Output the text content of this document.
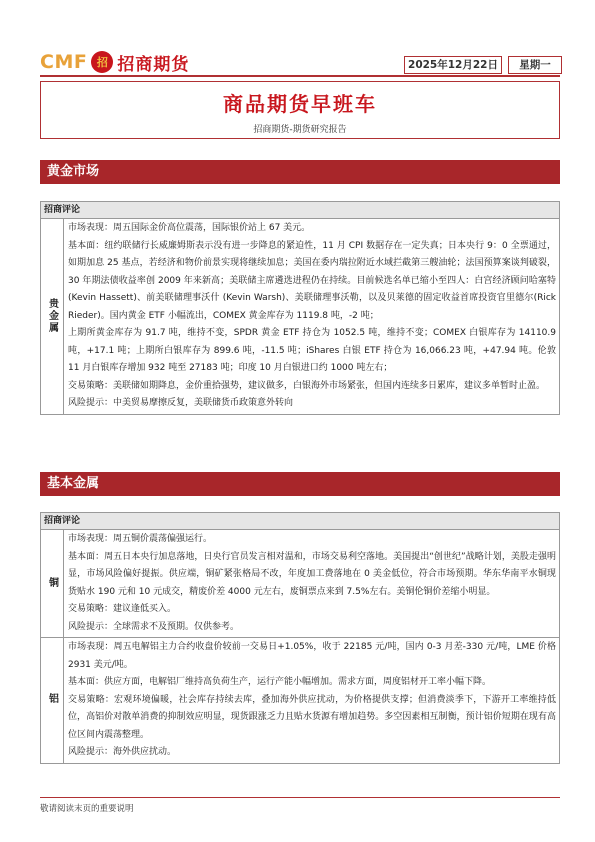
CMF 招 招商期货	2025年12月22日	星期一
商品期货早班车
招商期货-期货研究报告
黄金市场
招商评论
贵金属

市场表现：周五国际金价高位震荡，国际银价站上 67 美元。

基本面：纽约联储行长威廉姆斯表示没有进一步降息的紧迫性，11 月 CPI 数据存在一定失真；日本央行 9：0 全票通过，如期加息 25 基点，若经济和物价前景实现将继续加息；美国在委内瑞拉附近水域拦截第三艘油轮；法国预算案谈判破裂，30 年期法债收益率创 2009 年来新高；美联储主席遴选进程仍在持续。目前候选名单已缩小至四人：白宫经济顾问哈塞特 (Kevin Hassett)、前美联储理事沃什 (Kevin Warsh)、美联储理事沃勒，以及贝莱德的固定收益首席投资官里德尔(Rick Rieder)。国内黄金 ETF 小幅流出，COMEX 黄金库存为 1119.8 吨，-2 吨；

上期所黄金库存为 91.7 吨，维持不变，SPDR 黄金 ETF 持仓为 1052.5 吨，维持不变；COMEX 白银库存为 14110.9 吨，+17.1 吨；上期所白银库存为 899.6 吨，-11.5 吨；iShares 白银 ETF 持仓为 16,066.23 吨，+47.94 吨。伦敦 11 月白银库存增加 932 吨至 27183 吨；印度 10 月白银进口约 1000 吨左右；

交易策略：美联储如期降息，金价重拾强势，建议做多，白银海外市场紧张，但国内连续多日累库，建议多单暂时止盈。

风险提示：中美贸易摩擦反复，美联储货币政策意外转向

基本金属
招商评论
铜

市场表现：周五铜价震荡偏强运行。

基本面：周五日本央行加息落地，日央行官员发言相对温和，市场交易利空落地。美国提出“创世纪”战略计划，美股走强明显，市场风险偏好提振。供应端，铜矿紧张格局不改，年度加工费落地在 0 美金低位，符合市场预期。华东华南平水铜现货贴水 190 元和 10 元成交，精废价差 4000 元左右，废铜票点来到 7.5%左右。美铜伦铜价差缩小明显。

交易策略：建议逢低买入。

风险提示：全球需求不及预期。仅供参考。

铝

市场表现：周五电解铝主力合约收盘价较前一交易日+1.05%，收于 22185 元/吨，国内 0-3 月差-330 元/吨，LME 价格 2931 美元/吨。

基本面：供应方面，电解铝厂维持高负荷生产，运行产能小幅增加。需求方面，周度铝材开工率小幅下降。

交易策略：宏观环境偏暖，社会库存持续去库，叠加海外供应扰动，为价格提供支撑；但消费淡季下，下游开工率维持低位，高铝价对散单消费的抑制效应明显，现货跟涨乏力且贴水货源有增加趋势。多空因素相互制衡，预计铝价短期在现有高位区间内震荡整理。

风险提示：海外供应扰动。

敬请阅读末页的重要说明
